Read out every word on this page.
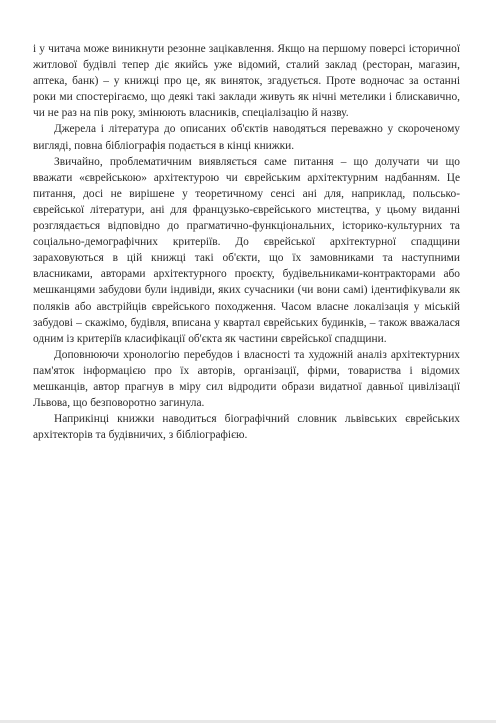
і у читача може виникнути резонне зацікавлення. Якщо на першому поверсі історичної житлової будівлі тепер діє якийсь уже відомий, сталий заклад (ресторан, магазин, аптека, банк) – у книжці про це, як виняток, згадується. Проте водночас за останні роки ми спостерігаємо, що деякі такі заклади живуть як нічні метелики і блискавично, чи не раз на пів року, змінюють власників, спеціалізацію й назву.

Джерела і література до описаних об'єктів наводяться переважно у скороченому вигляді, повна бібліографія подається в кінці книжки.

Звичайно, проблематичним виявляється саме питання – що долучати чи що вважати «єврейською» архітектурою чи єврейським архітектурним надбанням. Це питання, досі не вирішене у теоретичному сенсі ані для, наприклад, польсько-єврейської літератури, ані для французько-єврейського мистецтва, у цьому виданні розглядається відповідно до прагматично-функціональних, історико-культурних та соціально-демографічних критеріїв. До єврейської архітектурної спадщини зараховуються в цій книжці такі об'єкти, що їх замовниками та наступними власниками, авторами архітектурного проєкту, будівельниками-контракторами або мешканцями забудови були індивіди, яких сучасники (чи вони самі) ідентифікували як поляків або австрійців єврейського походження. Часом власне локалізація у міській забудові – скажімо, будівля, вписана у квартал єврейських будинків, – також вважалася одним із критеріїв класифікації об'єкта як частини єврейської спадщини.

Доповнюючи хронологію перебудов і власності та художній аналіз архітектурних пам'яток інформацією про їх авторів, організації, фірми, товариства і відомих мешканців, автор прагнув в міру сил відродити образи видатної давньої цивілізації Львова, що безповоротно загинула.

Наприкінці книжки наводиться біографічний словник львівських єврейських архітекторів та будівничих, з бібліографією.
